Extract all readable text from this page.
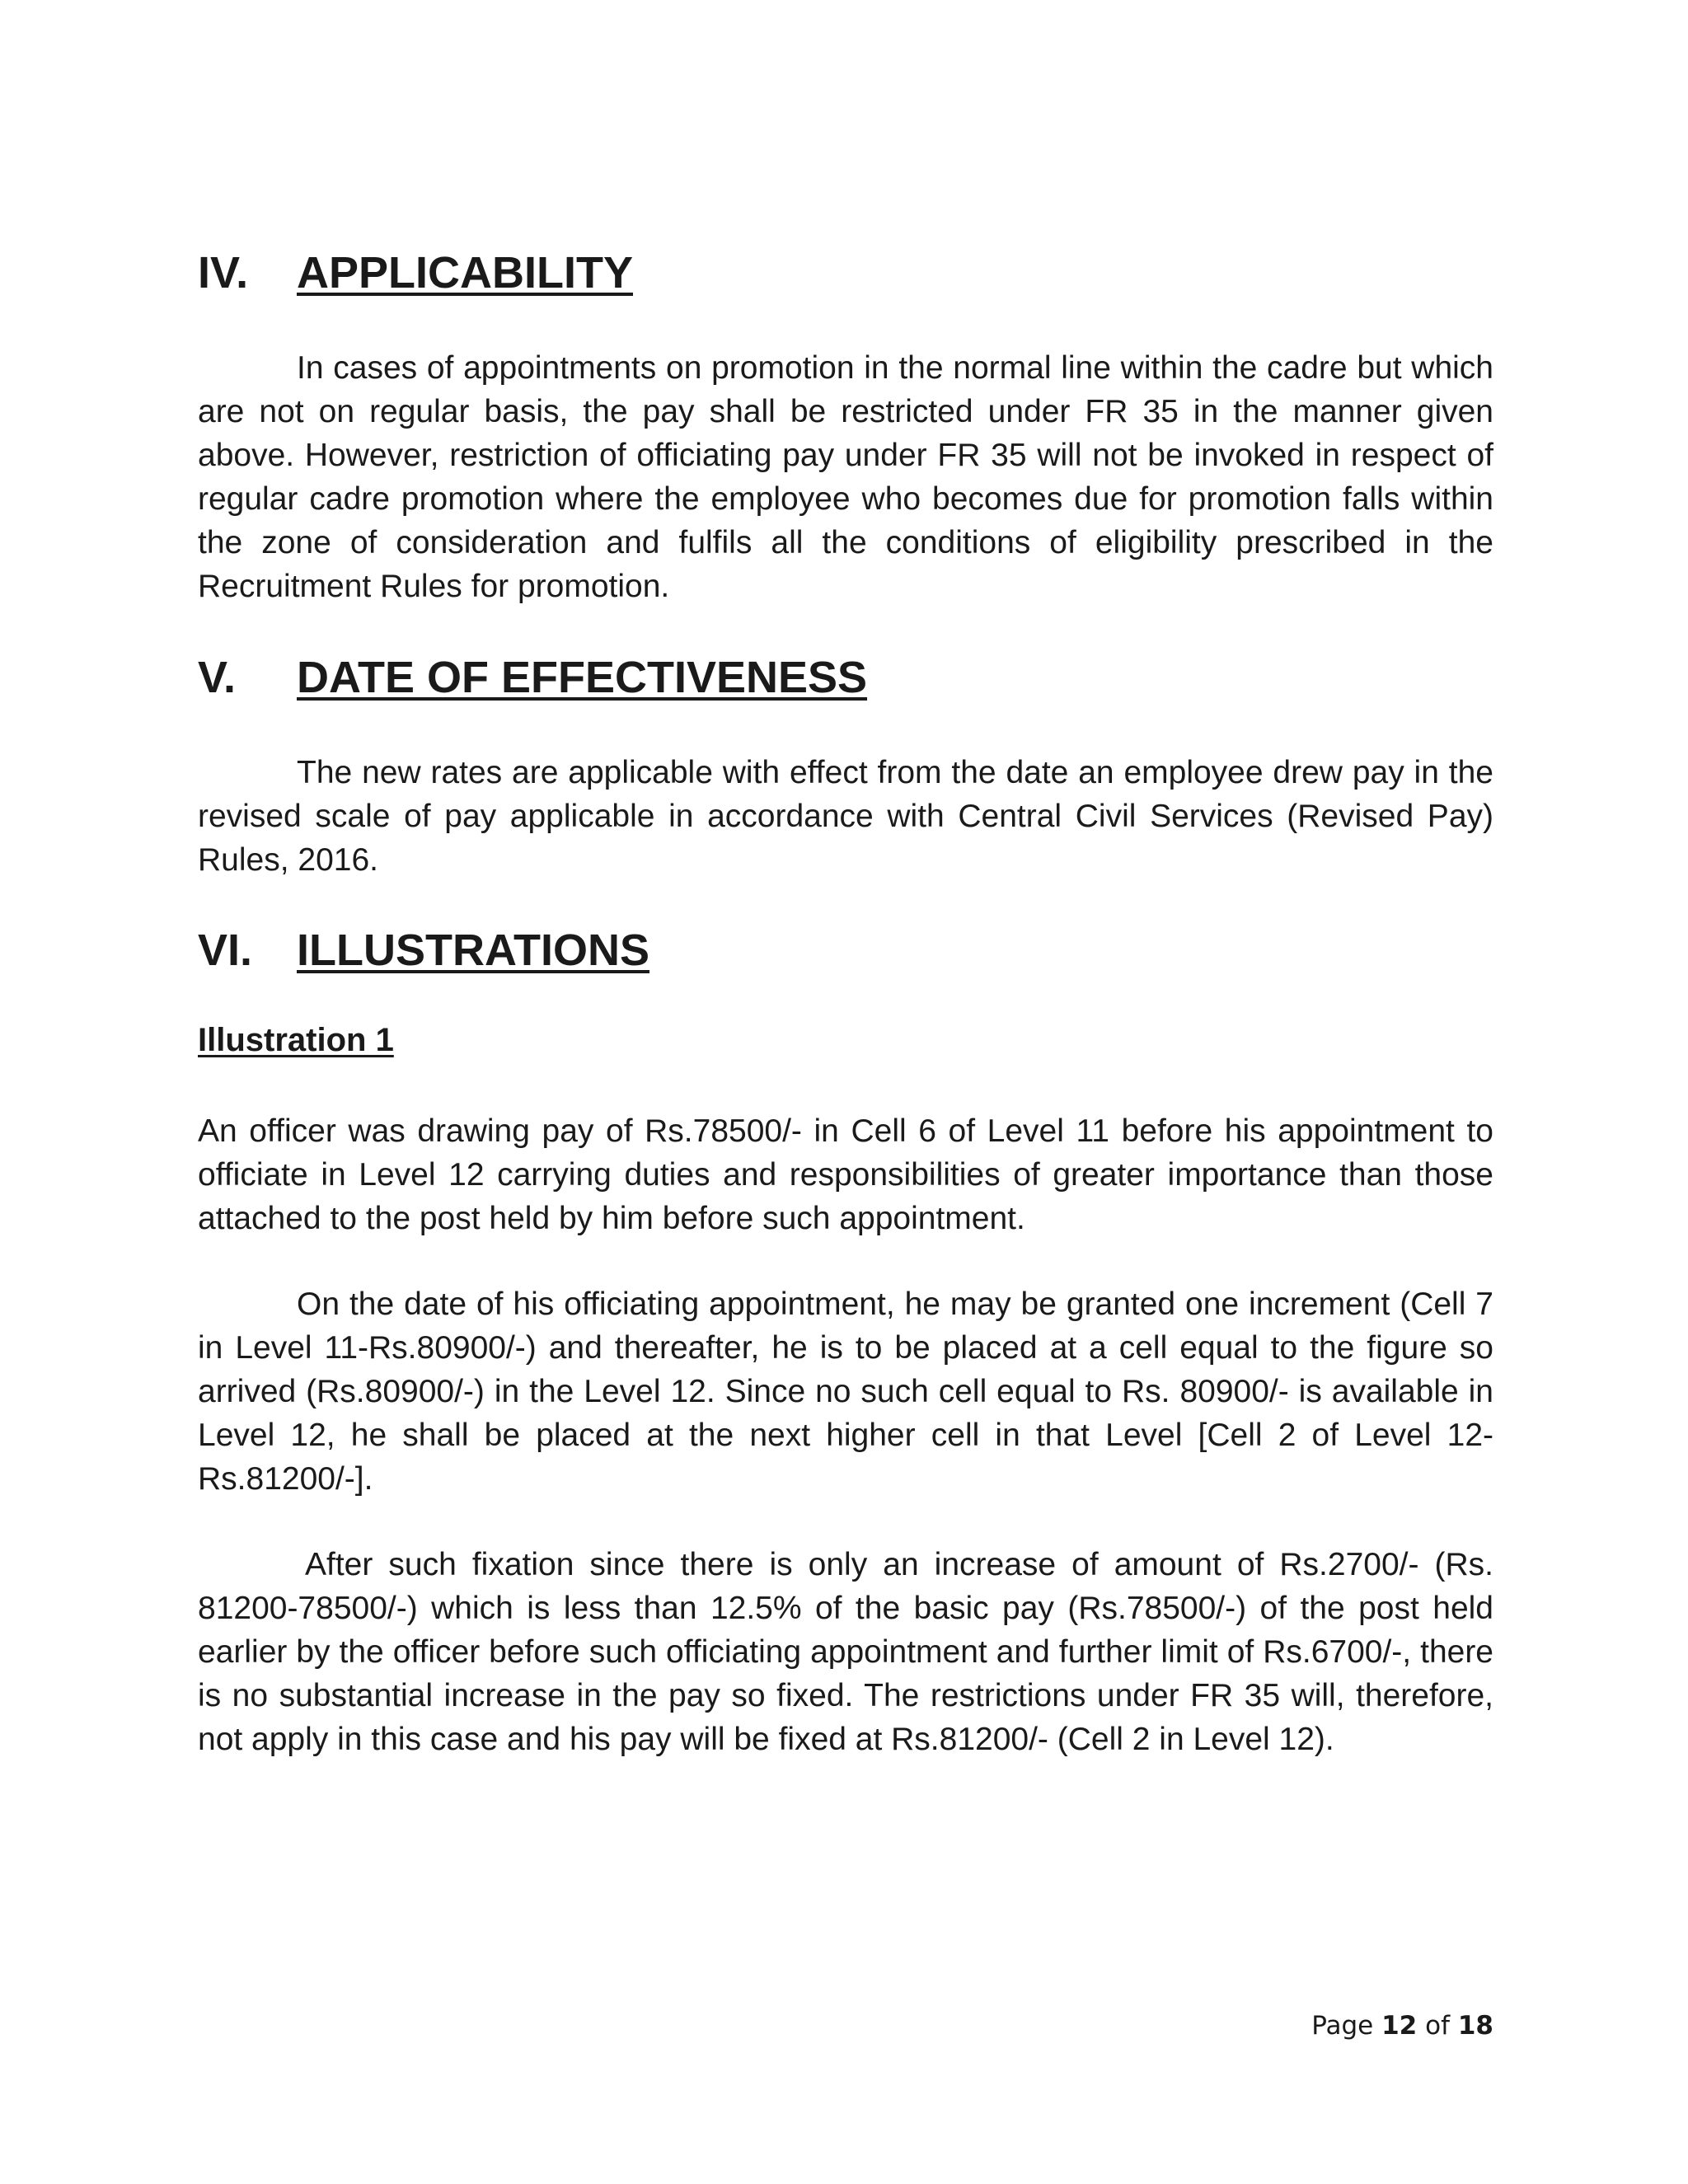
IV. APPLICABILITY

In cases of appointments on promotion in the normal line within the cadre but which are not on regular basis, the pay shall be restricted under FR 35 in the manner given above. However, restriction of officiating pay under FR 35 will not be invoked in respect of regular cadre promotion where the employee who becomes due for promotion falls within the zone of consideration and fulfils all the conditions of eligibility prescribed in the Recruitment Rules for promotion.

V. DATE OF EFFECTIVENESS

The new rates are applicable with effect from the date an employee drew pay in the revised scale of pay applicable in accordance with Central Civil Services (Revised Pay) Rules, 2016.

VI. ILLUSTRATIONS

Illustration 1

An officer was drawing pay of Rs.78500/- in Cell 6 of Level 11 before his appointment to officiate in Level 12 carrying duties and responsibilities of greater importance than those attached to the post held by him before such appointment.

On the date of his officiating appointment, he may be granted one increment (Cell 7 in Level 11-Rs.80900/-) and thereafter, he is to be placed at a cell equal to the figure so arrived (Rs.80900/-) in the Level 12. Since no such cell equal to Rs. 80900/- is available in Level 12, he shall be placed at the next higher cell in that Level [Cell 2 of Level 12- Rs.81200/-].

After such fixation since there is only an increase of amount of Rs.2700/- (Rs. 81200-78500/-) which is less than 12.5% of the basic pay (Rs.78500/-) of the post held earlier by the officer before such officiating appointment and further limit of Rs.6700/-, there is no substantial increase in the pay so fixed. The restrictions under FR 35 will, therefore, not apply in this case and his pay will be fixed at Rs.81200/- (Cell 2 in Level 12).

Page 12 of 18
